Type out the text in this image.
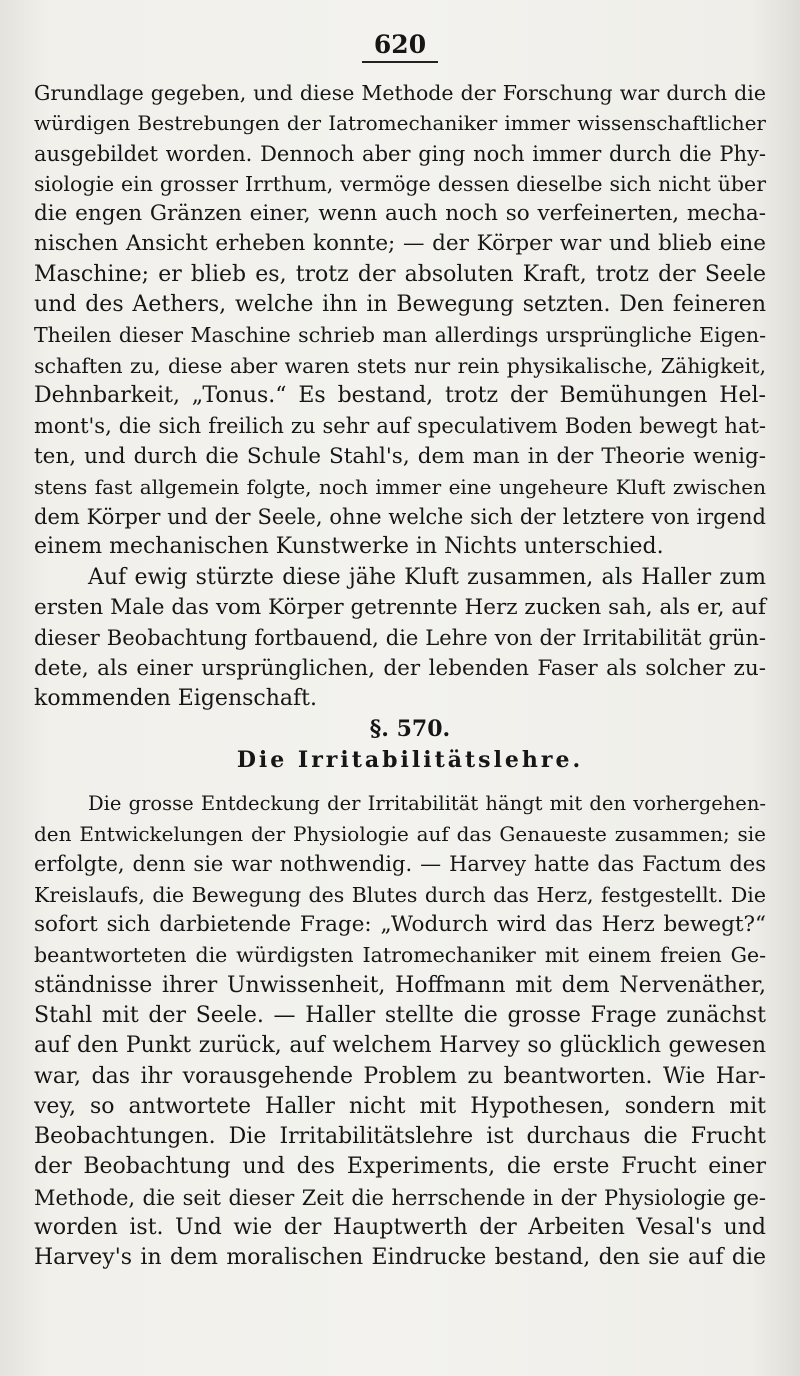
620
Grundlage gegeben, und diese Methode der Forschung war durch die
würdigen Bestrebungen der Iatromechaniker immer wissenschaftlicher
ausgebildet worden. Dennoch aber ging noch immer durch die Phy-
siologie ein grosser Irrthum, vermöge dessen dieselbe sich nicht über
die engen Gränzen einer, wenn auch noch so verfeinerten, mecha-
nischen Ansicht erheben konnte; — der Körper war und blieb eine
Maschine; er blieb es, trotz der absoluten Kraft, trotz der Seele
und des Aethers, welche ihn in Bewegung setzten. Den feineren
Theilen dieser Maschine schrieb man allerdings ursprüngliche Eigen-
schaften zu, diese aber waren stets nur rein physikalische, Zähigkeit,
Dehnbarkeit, „Tonus.“ Es bestand, trotz der Bemühungen Hel-
mont's, die sich freilich zu sehr auf speculativem Boden bewegt hat-
ten, und durch die Schule Stahl's, dem man in der Theorie wenig-
stens fast allgemein folgte, noch immer eine ungeheure Kluft zwischen
dem Körper und der Seele, ohne welche sich der letztere von irgend
einem mechanischen Kunstwerke in Nichts unterschied.
Auf ewig stürzte diese jähe Kluft zusammen, als Haller zum
ersten Male das vom Körper getrennte Herz zucken sah, als er, auf
dieser Beobachtung fortbauend, die Lehre von der Irritabilität grün-
dete, als einer ursprünglichen, der lebenden Faser als solcher zu-
kommenden Eigenschaft.
§. 570.
Die Irritabilitätslehre.
Die grosse Entdeckung der Irritabilität hängt mit den vorhergehen-
den Entwickelungen der Physiologie auf das Genaueste zusammen; sie
erfolgte, denn sie war nothwendig. — Harvey hatte das Factum des
Kreislaufs, die Bewegung des Blutes durch das Herz, festgestellt. Die
sofort sich darbietende Frage: „Wodurch wird das Herz bewegt?“
beantworteten die würdigsten Iatromechaniker mit einem freien Ge-
ständnisse ihrer Unwissenheit, Hoffmann mit dem Nervenäther,
Stahl mit der Seele. — Haller stellte die grosse Frage zunächst
auf den Punkt zurück, auf welchem Harvey so glücklich gewesen
war, das ihr vorausgehende Problem zu beantworten. Wie Har-
vey, so antwortete Haller nicht mit Hypothesen, sondern mit
Beobachtungen. Die Irritabilitätslehre ist durchaus die Frucht
der Beobachtung und des Experiments, die erste Frucht einer
Methode, die seit dieser Zeit die herrschende in der Physiologie ge-
worden ist. Und wie der Hauptwerth der Arbeiten Vesal's und
Harvey's in dem moralischen Eindrucke bestand, den sie auf die
